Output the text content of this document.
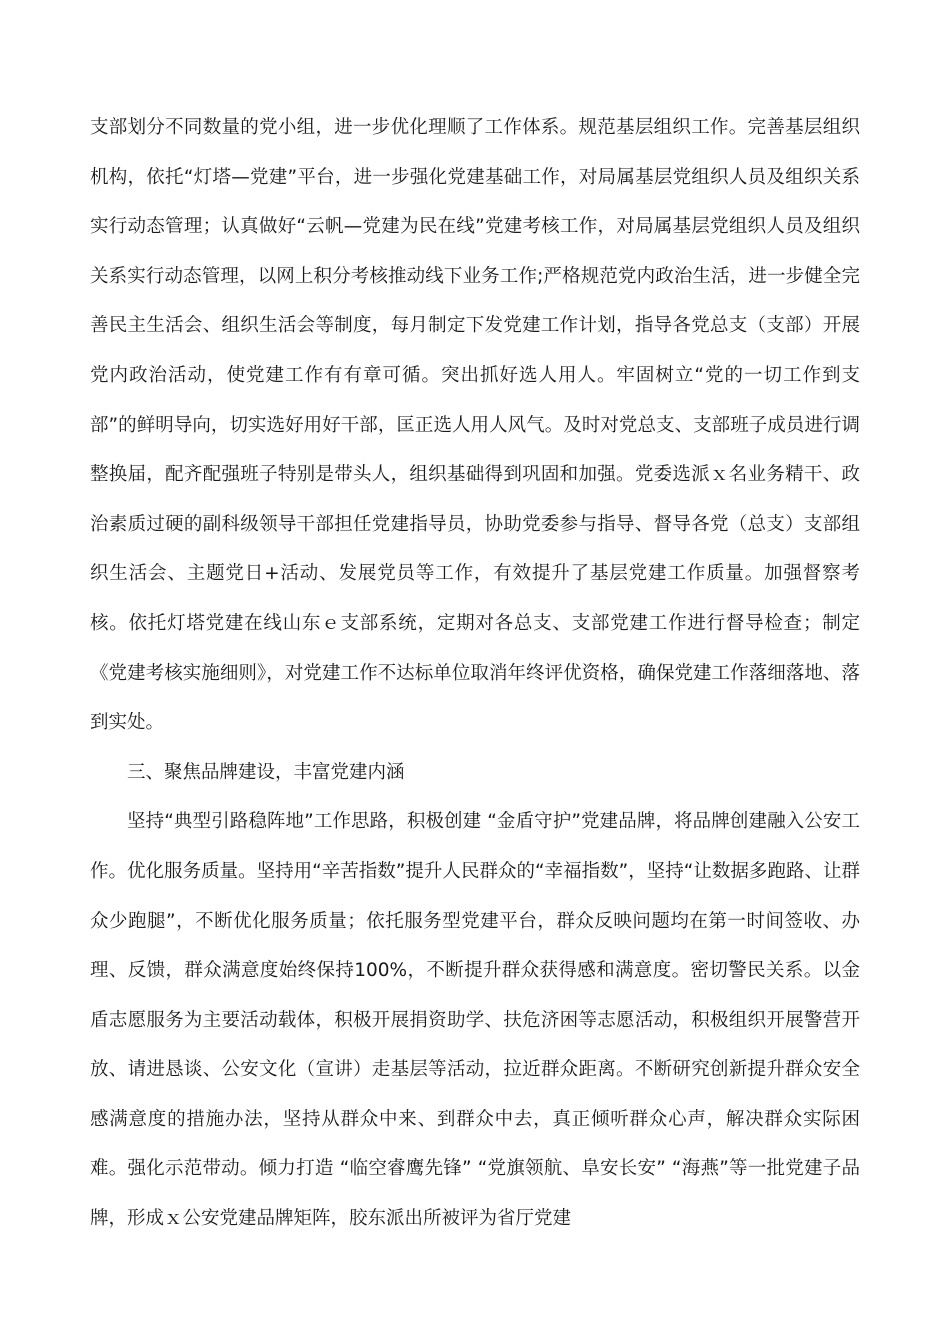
支部划分不同数量的党小组，进一步优化理顺了工作体系。规范基层组织工作。完善基层组织机构，依托“灯塔—党建”平台，进一步强化党建基础工作，对局属基层党组织人员及组织关系实行动态管理；认真做好“云帆—党建为民在线”党建考核工作，对局属基层党组织人员及组织关系实行动态管理，以网上积分考核推动线下业务工作;严格规范党内政治生活，进一步健全完善民主生活会、组织生活会等制度，每月制定下发党建工作计划，指导各党总支（支部）开展党内政治活动，使党建工作有有章可循。突出抓好选人用人。牢固树立“党的一切工作到支部”的鲜明导向，切实选好用好干部，匡正选人用人风气。及时对党总支、支部班子成员进行调整换届，配齐配强班子特别是带头人，组织基础得到巩固和加强。党委选派ｘ名业务精干、政治素质过硬的副科级领导干部担任党建指导员，协助党委参与指导、督导各党（总支）支部组织生活会、主题党日+活动、发展党员等工作，有效提升了基层党建工作质量。加强督察考核。依托灯塔党建在线山东ｅ支部系统，定期对各总支、支部党建工作进行督导检查；制定《党建考核实施细则》，对党建工作不达标单位取消年终评优资格，确保党建工作落细落地、落到实处。

三、聚焦品牌建设，丰富党建内涵

坚持“典型引路稳阵地”工作思路，积极创建 “金盾守护”党建品牌，将品牌创建融入公安工作。优化服务质量。坚持用“辛苦指数”提升人民群众的“幸福指数”，坚持“让数据多跑路、让群众少跑腿”，不断优化服务质量；依托服务型党建平台，群众反映问题均在第一时间签收、办理、反馈，群众满意度始终保持100%，不断提升群众获得感和满意度。密切警民关系。以金盾志愿服务为主要活动载体，积极开展捐资助学、扶危济困等志愿活动，积极组织开展警营开放、请进恳谈、公安文化（宣讲）走基层等活动，拉近群众距离。不断研究创新提升群众安全感满意度的措施办法，坚持从群众中来、到群众中去，真正倾听群众心声，解决群众实际困难。强化示范带动。倾力打造 “临空睿鹰先锋” “党旗领航、阜安长安” “海燕”等一批党建子品牌，形成ｘ公安党建品牌矩阵，胶东派出所被评为省厅党建
